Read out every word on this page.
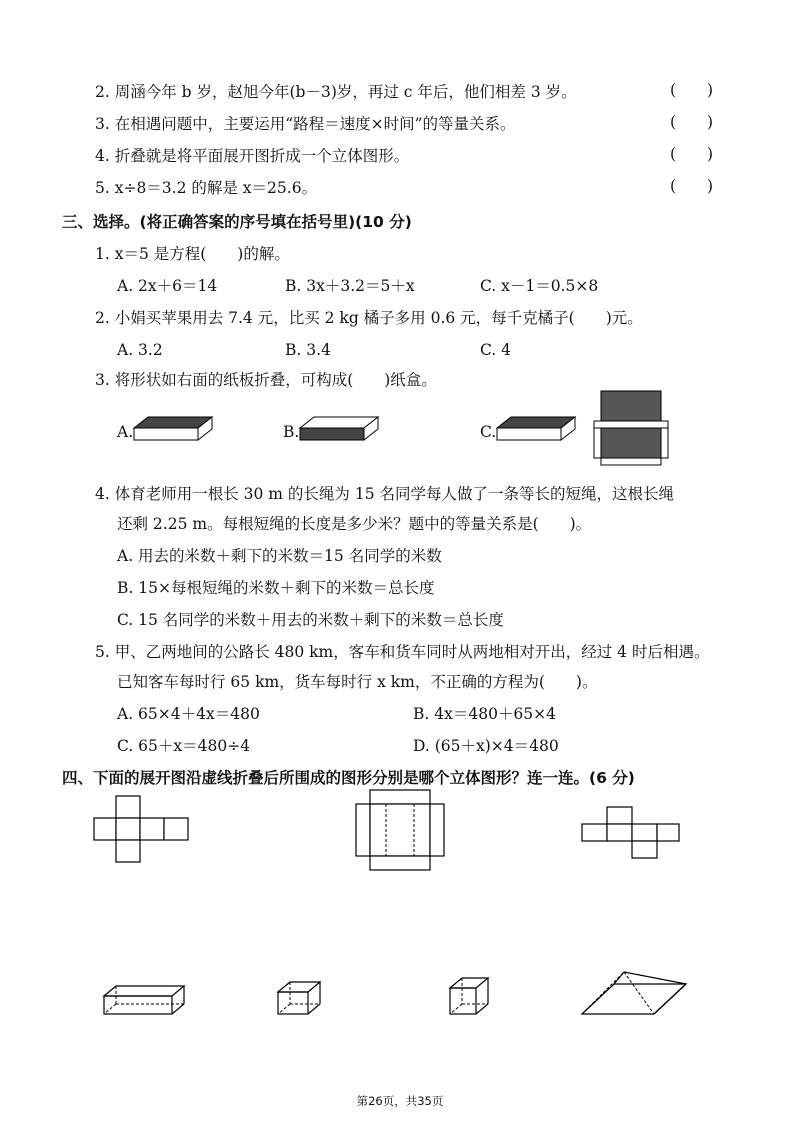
2. 周涵今年 b 岁，赵旭今年(b－3)岁，再过 c 年后，他们相差 3 岁。	(　　)
3. 在相遇问题中，主要运用“路程＝速度×时间”的等量关系。	(　　)
4. 折叠就是将平面展开图折成一个立体图形。	(　　)
5. x÷8＝3.2 的解是 x＝25.6。	(　　)
三、选择。(将正确答案的序号填在括号里)(10 分)
1. x＝5 是方程(　　)的解。
A. 2x＋6＝14	B. 3x＋3.2＝5＋x	C. x－1＝0.5×8
2. 小娟买苹果用去 7.4 元，比买 2 kg 橘子多用 0.6 元，每千克橘子(　　)元。
A. 3.2	B. 3.4	C. 4
3. 将形状如右面的纸板折叠，可构成(　　)纸盒。
A.	B.	C.
4. 体育老师用一根长 30 m 的长绳为 15 名同学每人做了一条等长的短绳，这根长绳
还剩 2.25 m。每根短绳的长度是多少米？题中的等量关系是(　　)。
A. 用去的米数＋剩下的米数＝15 名同学的米数
B. 15×每根短绳的米数＋剩下的米数＝总长度
C. 15 名同学的米数＋用去的米数＋剩下的米数＝总长度
5. 甲、乙两地间的公路长 480 km，客车和货车同时从两地相对开出，经过 4 时后相遇。
已知客车每时行 65 km，货车每时行 x km，不正确的方程为(　　)。
A. 65×4＋4x＝480	B. 4x＝480＋65×4
C. 65＋x＝480÷4	D. (65＋x)×4＝480
四、下面的展开图沿虚线折叠后所围成的图形分别是哪个立体图形？连一连。(6 分)
第26页，共35页
